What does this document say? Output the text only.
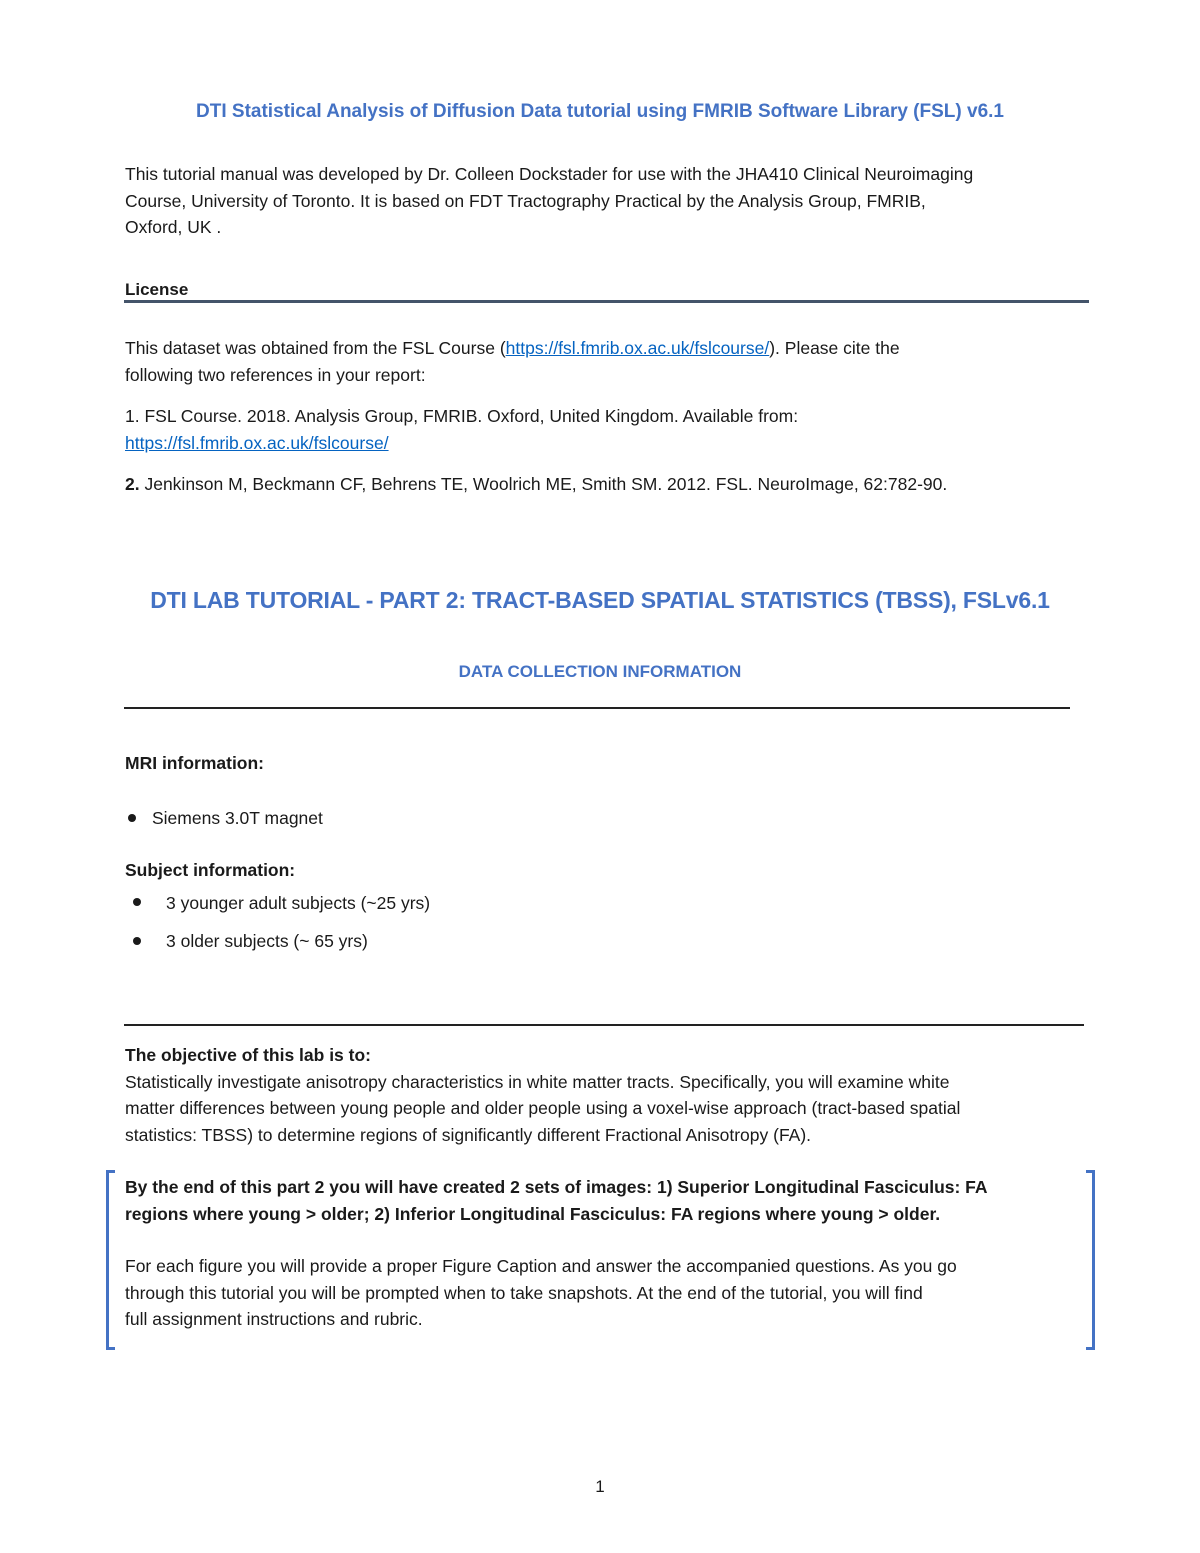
DTI Statistical Analysis of Diffusion Data tutorial using FMRIB Software Library (FSL) v6.1
This tutorial manual was developed by Dr. Colleen Dockstader for use with the JHA410 Clinical Neuroimaging
Course, University of Toronto. It is based on FDT Tractography Practical by the Analysis Group, FMRIB,
Oxford, UK .
License
This dataset was obtained from the FSL Course (https://fsl.fmrib.ox.ac.uk/fslcourse/). Please cite the
following two references in your report:
1. FSL Course. 2018. Analysis Group, FMRIB. Oxford, United Kingdom. Available from:
https://fsl.fmrib.ox.ac.uk/fslcourse/
2. Jenkinson M, Beckmann CF, Behrens TE, Woolrich ME, Smith SM. 2012. FSL. NeuroImage, 62:782-90.
DTI LAB TUTORIAL - PART 2: TRACT-BASED SPATIAL STATISTICS (TBSS), FSLv6.1
DATA COLLECTION INFORMATION
MRI information:
Siemens 3.0T magnet
Subject information:
3 younger adult subjects (~25 yrs)
3 older subjects (~ 65 yrs)
The objective of this lab is to:
Statistically investigate anisotropy characteristics in white matter tracts. Specifically, you will examine white
matter differences between young people and older people using a voxel-wise approach (tract-based spatial
statistics: TBSS) to determine regions of significantly different Fractional Anisotropy (FA).
By the end of this part 2 you will have created 2 sets of images: 1) Superior Longitudinal Fasciculus: FA
regions where young > older; 2) Inferior Longitudinal Fasciculus: FA regions where young > older.
For each figure you will provide a proper Figure Caption and answer the accompanied questions. As you go
through this tutorial you will be prompted when to take snapshots. At the end of the tutorial, you will find
full assignment instructions and rubric.
1
